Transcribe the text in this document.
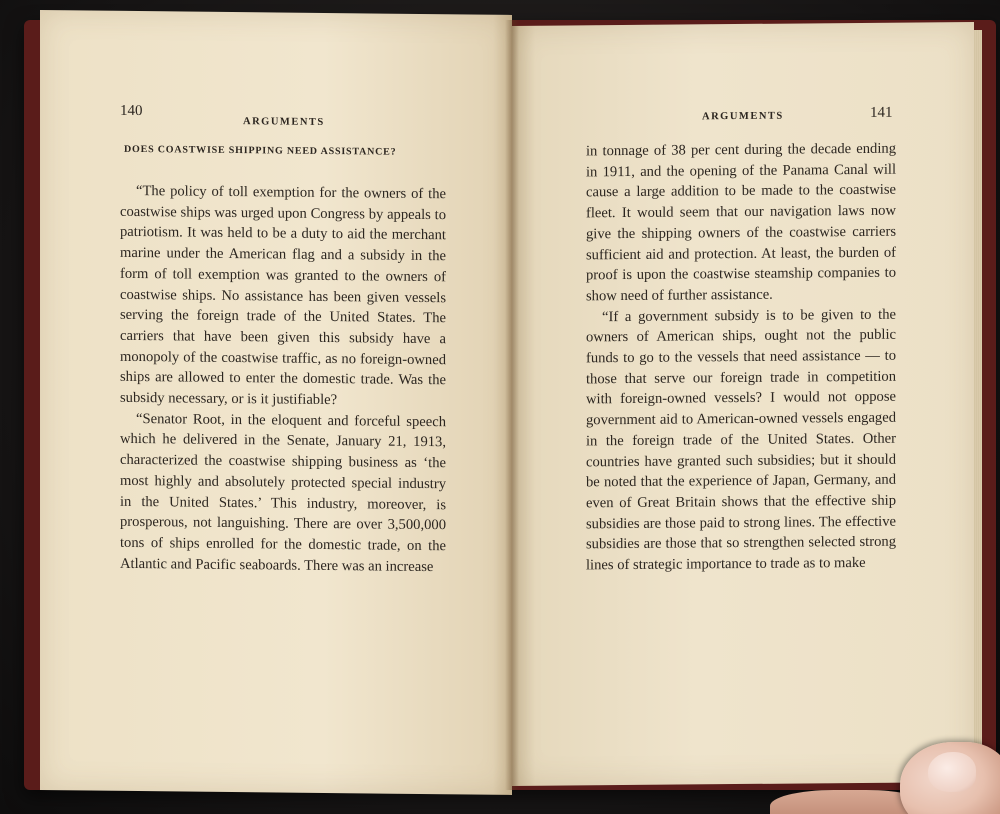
140
ARGUMENTS
DOES COASTWISE SHIPPING NEED ASSISTANCE?

“The policy of toll exemption for the owners of the coastwise ships was urged upon Congress by appeals to patriotism. It was held to be a duty to aid the merchant marine under the American flag and a subsidy in the form of toll exemption was granted to the owners of coastwise ships. No assistance has been given vessels serving the foreign trade of the United States. The carriers that have been given this subsidy have a monopoly of the coastwise traffic, as no foreign-owned ships are allowed to enter the domestic trade. Was the subsidy necessary, or is it justifiable?

“Senator Root, in the eloquent and forceful speech which he delivered in the Senate, January 21, 1913, characterized the coastwise shipping business as ‘the most highly and absolutely protected special industry in the United States.’ This industry, moreover, is prosperous, not languishing. There are over 3,500,000 tons of ships enrolled for the domestic trade, on the Atlantic and Pacific seaboards. There was an increase

ARGUMENTS	141

in tonnage of 38 per cent during the decade ending in 1911, and the opening of the Panama Canal will cause a large addition to be made to the coastwise fleet. It would seem that our navigation laws now give the shipping owners of the coastwise carriers sufficient aid and protection. At least, the burden of proof is upon the coastwise steamship companies to show need of further assistance.

“If a government subsidy is to be given to the owners of American ships, ought not the public funds to go to the vessels that need assistance — to those that serve our foreign trade in competition with foreign-owned vessels? I would not oppose government aid to American-owned vessels engaged in the foreign trade of the United States. Other countries have granted such subsidies; but it should be noted that the experience of Japan, Germany, and even of Great Britain shows that the effective ship subsidies are those paid to strong lines. The effective subsidies are those that so strengthen selected strong lines of strategic importance to trade as to make
